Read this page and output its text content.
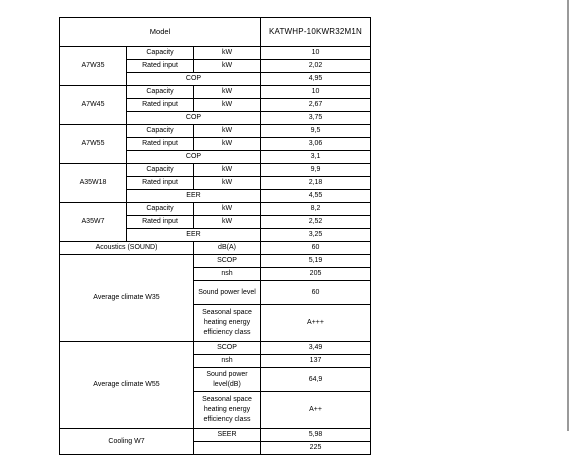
Model			KATWHP-10KWR32M1N
A7W35	Capacity	kW	10
	Rated input	kW	2,02
	COP		4,95
A7W45	Capacity	kW	10
	Rated input	kW	2,67
	COP		3,75
A7W55	Capacity	kW	9,5
	Rated input	kW	3,06
	COP		3,1
A35W18	Capacity	kW	9,9
	Rated input	kW	2,18
	EER		4,55
A35W7	Capacity	kW	8,2
	Rated input	kW	2,52
	EER		3,25
Acoustics (SOUND)		dB(A)	60
Average climate W35		SCOP	5,19
		nsh	205
		Sound power level	60
		Seasonal space heating energy efficiency class	A+++
Average climate W55		SCOP	3,49
		nsh	137
		Sound power level(dB)	64,9
		Seasonal space heating energy efficiency class	A++
Cooling W7		SEER	5,98
			225
